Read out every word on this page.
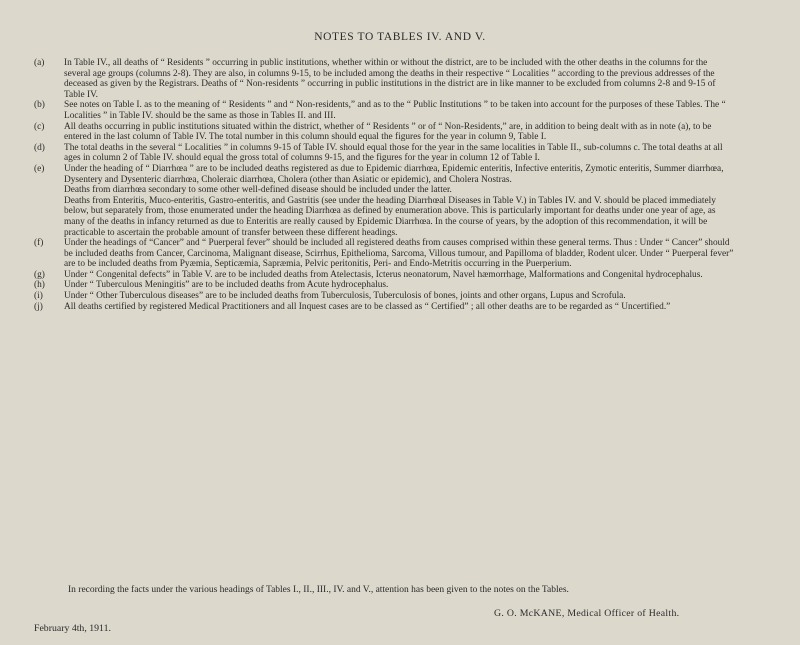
NOTES TO TABLES IV. AND V.
(a) In Table IV., all deaths of “ Residents ” occurring in public institutions, whether within or without the district, are to be included with the other deaths in the columns for the several age groups (columns 2-8). They are also, in columns 9-15, to be included among the deaths in their respective “ Localities ” according to the previous addresses of the deceased as given by the Registrars. Deaths of “ Non-residents ” occurring in public institutions in the district are in like manner to be excluded from columns 2-8 and 9-15 of Table IV.

(b) See notes on Table I. as to the meaning of “ Residents ” and “ Non-residents,” and as to the “ Public Institutions ” to be taken into account for the purposes of these Tables. The “ Localities ” in Table IV. should be the same as those in Tables II. and III.

(c) All deaths occurring in public institutions situated within the district, whether of “ Residents ” or of “ Non-Residents,” are, in addition to being dealt with as in note (a), to be entered in the last column of Table IV. The total number in this column should equal the figures for the year in column 9, Table I.

(d) The total deaths in the several “ Localities ” in columns 9-15 of Table IV. should equal those for the year in the same localities in Table II., sub-columns c. The total deaths at all ages in column 2 of Table IV. should equal the gross total of columns 9-15, and the figures for the year in column 12 of Table I.

(e) Under the heading of “ Diarrhœa ” are to be included deaths registered as due to Epidemic diarrhœa, Epidemic enteritis, Infective enteritis, Zymotic enteritis, Summer diarrhœa, Dysentery and Dysenteric diarrhœa, Choleraic diarrhœa, Cholera (other than Asiatic or epidemic), and Cholera Nostras.

Deaths from diarrhœa secondary to some other well-defined disease should be included under the latter.

Deaths from Enteritis, Muco-enteritis, Gastro-enteritis, and Gastritis (see under the heading Diarrhœal Diseases in Table V.) in Tables IV. and V. should be placed immediately below, but separately from, those enumerated under the heading Diarrhœa as defined by enumeration above. This is particularly important for deaths under one year of age, as many of the deaths in infancy returned as due to Enteritis are really caused by Epidemic Diarrhœa. In the course of years, by the adoption of this recommendation, it will be practicable to ascertain the probable amount of transfer between these different headings.

(f) Under the headings of “Cancer” and “ Puerperal fever” should be included all registered deaths from causes comprised within these general terms. Thus : Under “ Cancer” should be included deaths from Cancer, Carcinoma, Malignant disease, Scirrhus, Epithelioma, Sarcoma, Villous tumour, and Papilloma of bladder, Rodent ulcer. Under “ Puerperal fever” are to be included deaths from Pyæmia, Septicæmia, Sapræmia, Pelvic peritonitis, Peri- and Endo-Metritis occurring in the Puerperium.

(g) Under “ Congenital defects” in Table V. are to be included deaths from Atelectasis, Icterus neonatorum, Navel hæmorrhage, Malformations and Congenital hydrocephalus.

(h) Under “ Tuberculous Meningitis” are to be included deaths from Acute hydrocephalus.

(i) Under “ Other Tuberculous diseases” are to be included deaths from Tuberculosis, Tuberculosis of bones, joints and other organs, Lupus and Scrofula.

(j) All deaths certified by registered Medical Practitioners and all Inquest cases are to be classed as “ Certified” ; all other deaths are to be regarded as “ Uncertified.”

In recording the facts under the various headings of Tables I., II., III., IV. and V., attention has been given to the notes on the Tables.

G. O. McKANE, Medical Officer of Health.
February 4th, 1911.
